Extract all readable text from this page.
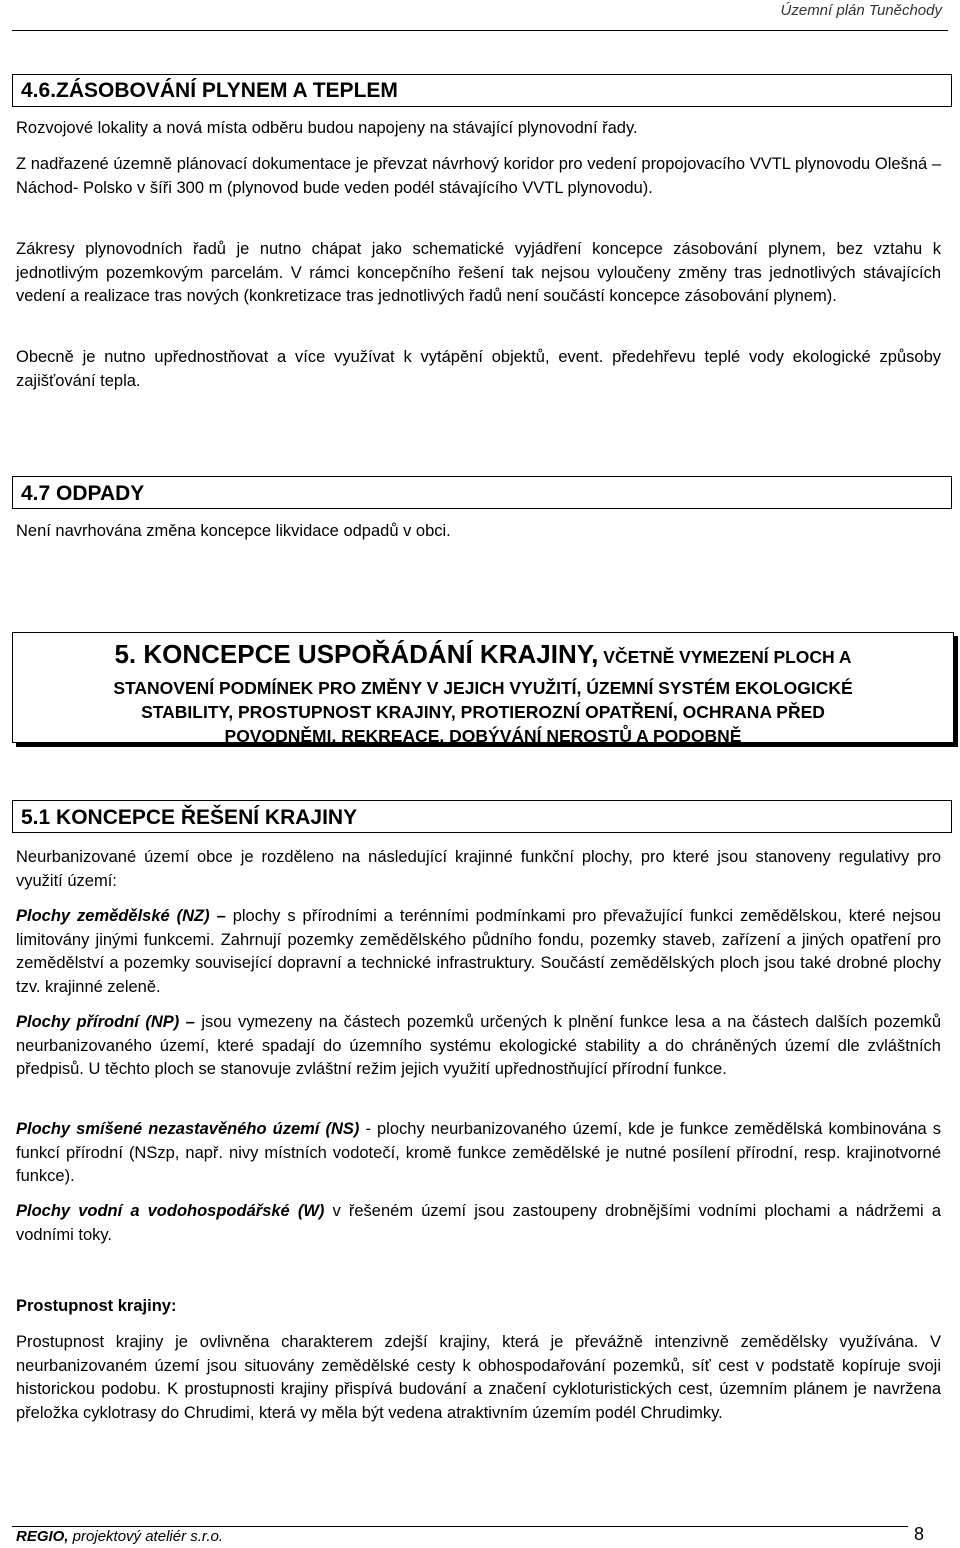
Územní plán Tuněchody
4.6.ZÁSOBOVÁNÍ PLYNEM A TEPLEM

Rozvojové lokality a nová místa odběru budou napojeny na stávající plynovodní řady.

Z nadřazené územně plánovací dokumentace je převzat návrhový koridor pro vedení propojovacího VVTL plynovodu Olešná – Náchod- Polsko v šíři 300 m (plynovod bude veden podél stávajícího VVTL plynovodu).

Zákresy plynovodních řadů je nutno chápat jako schematické vyjádření koncepce zásobování plynem, bez vztahu k jednotlivým pozemkovým parcelám. V rámci koncepčního řešení tak nejsou vyloučeny změny tras jednotlivých stávajících vedení a realizace tras nových (konkretizace tras jednotlivých řadů není součástí koncepce zásobování plynem).

Obecně je nutno upřednostňovat a více využívat k vytápění objektů, event. předehřevu teplé vody ekologické způsoby zajišťování tepla.

4.7 ODPADY

Není navrhována změna koncepce likvidace odpadů v obci.

5. KONCEPCE USPOŘÁDÁNÍ KRAJINY, VČETNĚ VYMEZENÍ PLOCH A
STANOVENÍ PODMÍNEK PRO ZMĚNY V JEJICH VYUŽITÍ, ÚZEMNÍ SYSTÉM EKOLOGICKÉ
STABILITY, PROSTUPNOST KRAJINY, PROTIEROZNÍ OPATŘENÍ, OCHRANA PŘED
POVODNĚMI, REKREACE, DOBÝVÁNÍ NEROSTŮ A PODOBNĚ
5.1 KONCEPCE ŘEŠENÍ KRAJINY

Neurbanizované území obce je rozděleno na následující krajinné funkční plochy, pro které jsou stanoveny regulativy pro využití území:

Plochy zemědělské (NZ) – plochy s přírodními a terénními podmínkami pro převažující funkci zemědělskou, které nejsou limitovány jinými funkcemi. Zahrnují pozemky zemědělského půdního fondu, pozemky staveb, zařízení a jiných opatření pro zemědělství a pozemky související dopravní a technické infrastruktury. Součástí zemědělských ploch jsou také drobné plochy tzv. krajinné zeleně.

Plochy přírodní (NP) – jsou vymezeny na částech pozemků určených k plnění funkce lesa a na částech dalších pozemků neurbanizovaného území, které spadají do územního systému ekologické stability a do chráněných území dle zvláštních předpisů. U těchto ploch se stanovuje zvláštní režim jejich využití upřednostňující přírodní funkce.

Plochy smíšené nezastavěného území (NS) - plochy neurbanizovaného území, kde je funkce zemědělská kombinována s funkcí přírodní (NSzp, např. nivy místních vodotečí, kromě funkce zemědělské je nutné posílení přírodní, resp. krajinotvorné funkce).

Plochy vodní a vodohospodářské (W) v řešeném území jsou zastoupeny drobnějšími vodními plochami a nádržemi a vodními toky.

Prostupnost krajiny:

Prostupnost krajiny je ovlivněna charakterem zdejší krajiny, která je převážně intenzivně zemědělsky využívána. V neurbanizovaném území jsou situovány zemědělské cesty k obhospodařování pozemků, síť cest v podstatě kopíruje svoji historickou podobu. K prostupnosti krajiny přispívá budování a značení cykloturistických cest, územním plánem je navržena přeložka cyklotrasy do Chrudimi, která vy měla být vedena atraktivním územím podél Chrudimky.

REGIO, projektový ateliér s.r.o.	8
